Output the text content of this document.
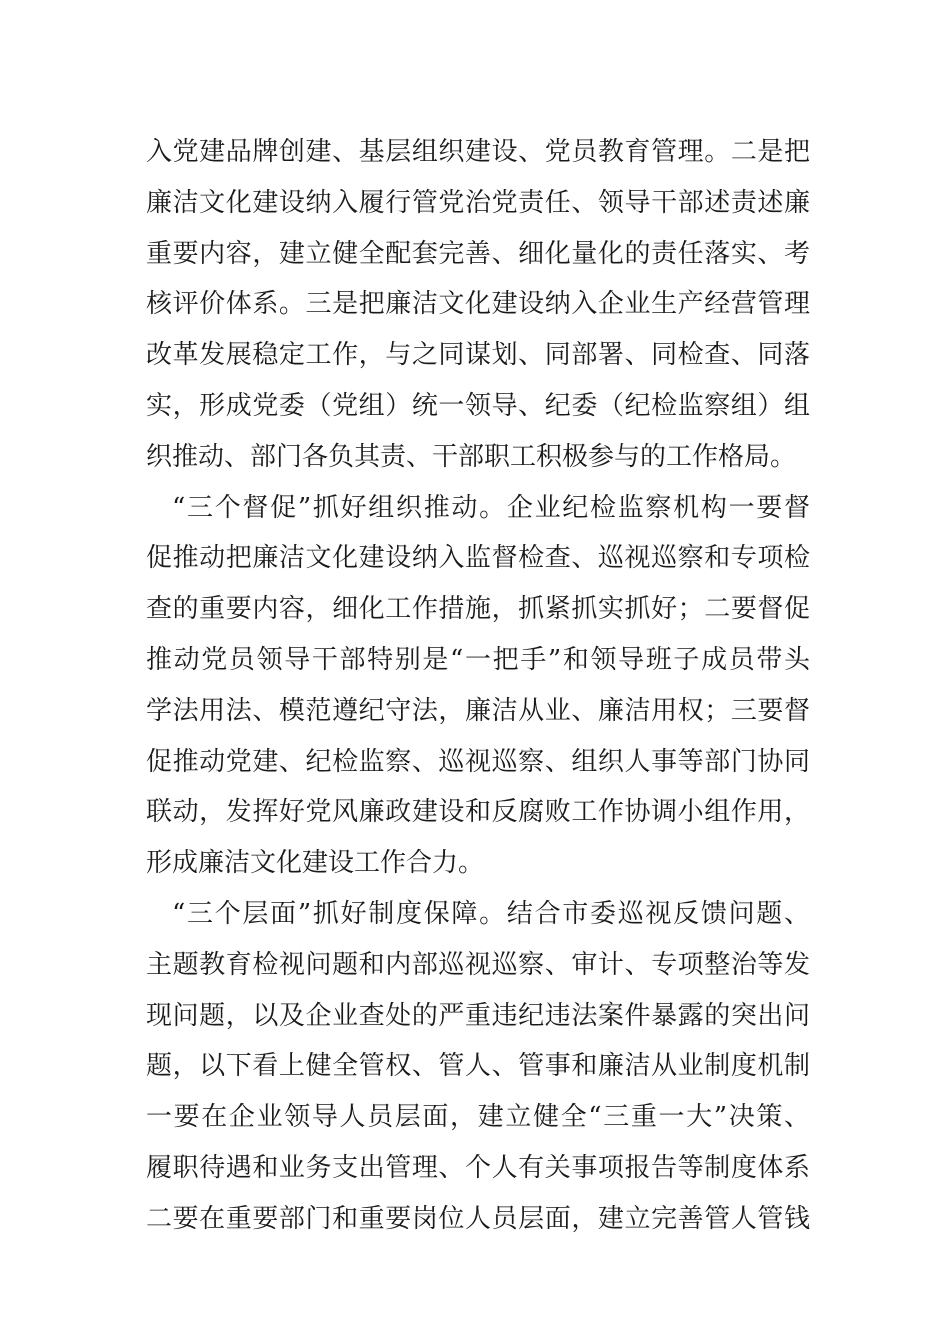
入党建品牌创建、基层组织建设、党员教育管理。二是把
廉洁文化建设纳入履行管党治党责任、领导干部述责述廉
重要内容，建立健全配套完善、细化量化的责任落实、考
核评价体系。三是把廉洁文化建设纳入企业生产经营管理
改革发展稳定工作，与之同谋划、同部署、同检查、同落
实，形成党委（党组）统一领导、纪委（纪检监察组）组
织推动、部门各负其责、干部职工积极参与的工作格局。
“三个督促”抓好组织推动。企业纪检监察机构一要督
促推动把廉洁文化建设纳入监督检查、巡视巡察和专项检
查的重要内容，细化工作措施，抓紧抓实抓好；二要督促
推动党员领导干部特别是“一把手”和领导班子成员带头
学法用法、模范遵纪守法，廉洁从业、廉洁用权；三要督
促推动党建、纪检监察、巡视巡察、组织人事等部门协同
联动，发挥好党风廉政建设和反腐败工作协调小组作用，
形成廉洁文化建设工作合力。
“三个层面”抓好制度保障。结合市委巡视反馈问题、
主题教育检视问题和内部巡视巡察、审计、专项整治等发
现问题，以及企业查处的严重违纪违法案件暴露的突出问
题，以下看上健全管权、管人、管事和廉洁从业制度机制
一要在企业领导人员层面，建立健全“三重一大”决策、
履职待遇和业务支出管理、个人有关事项报告等制度体系
二要在重要部门和重要岗位人员层面，建立完善管人管钱
